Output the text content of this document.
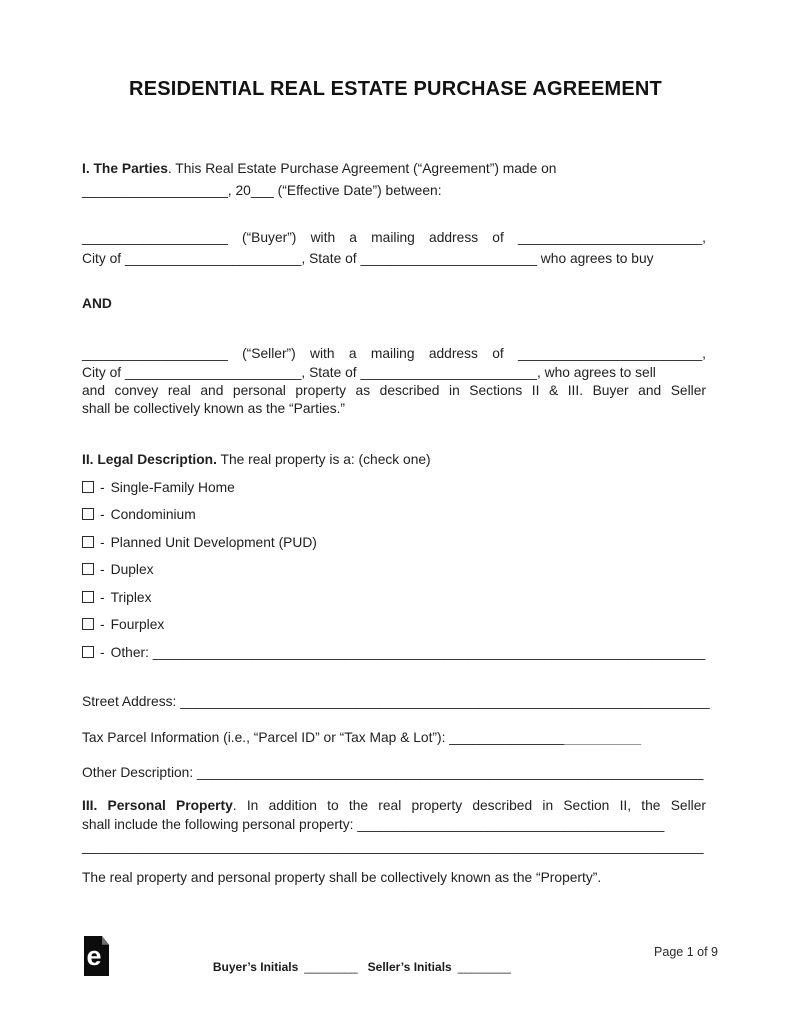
RESIDENTIAL REAL ESTATE PURCHASE AGREEMENT
I. The Parties. This Real Estate Purchase Agreement (“Agreement”) made on
___________________, 20___ (“Effective Date”) between:
___________________ (“Buyer”) with a mailing address of ________________________,
City of _______________________, State of _______________________ who agrees to buy
AND
___________________ (“Seller”) with a mailing address of ________________________,
City of _______________________, State of _______________________, who agrees to sell
and convey real and personal property as described in Sections II & III. Buyer and Seller
shall be collectively known as the “Parties.”
II. Legal Description. The real property is a: (check one)
- Single-Family Home
- Condominium
- Planned Unit Development (PUD)
- Duplex
- Triplex
- Fourplex
- Other: ________________________________________________________________________
Street Address: _____________________________________________________________________
Tax Parcel Information (i.e., “Parcel ID” or “Tax Map & Lot”): _________________________
Other Description: __________________________________________________________________
III. Personal Property. In addition to the real property described in Section II, the Seller
shall include the following personal property: ________________________________________
_________________________________________________________________________________
The real property and personal property shall be collectively known as the “Property”.
e	Page 1 of 9
Buyer’s Initials ________ Seller’s Initials ________
